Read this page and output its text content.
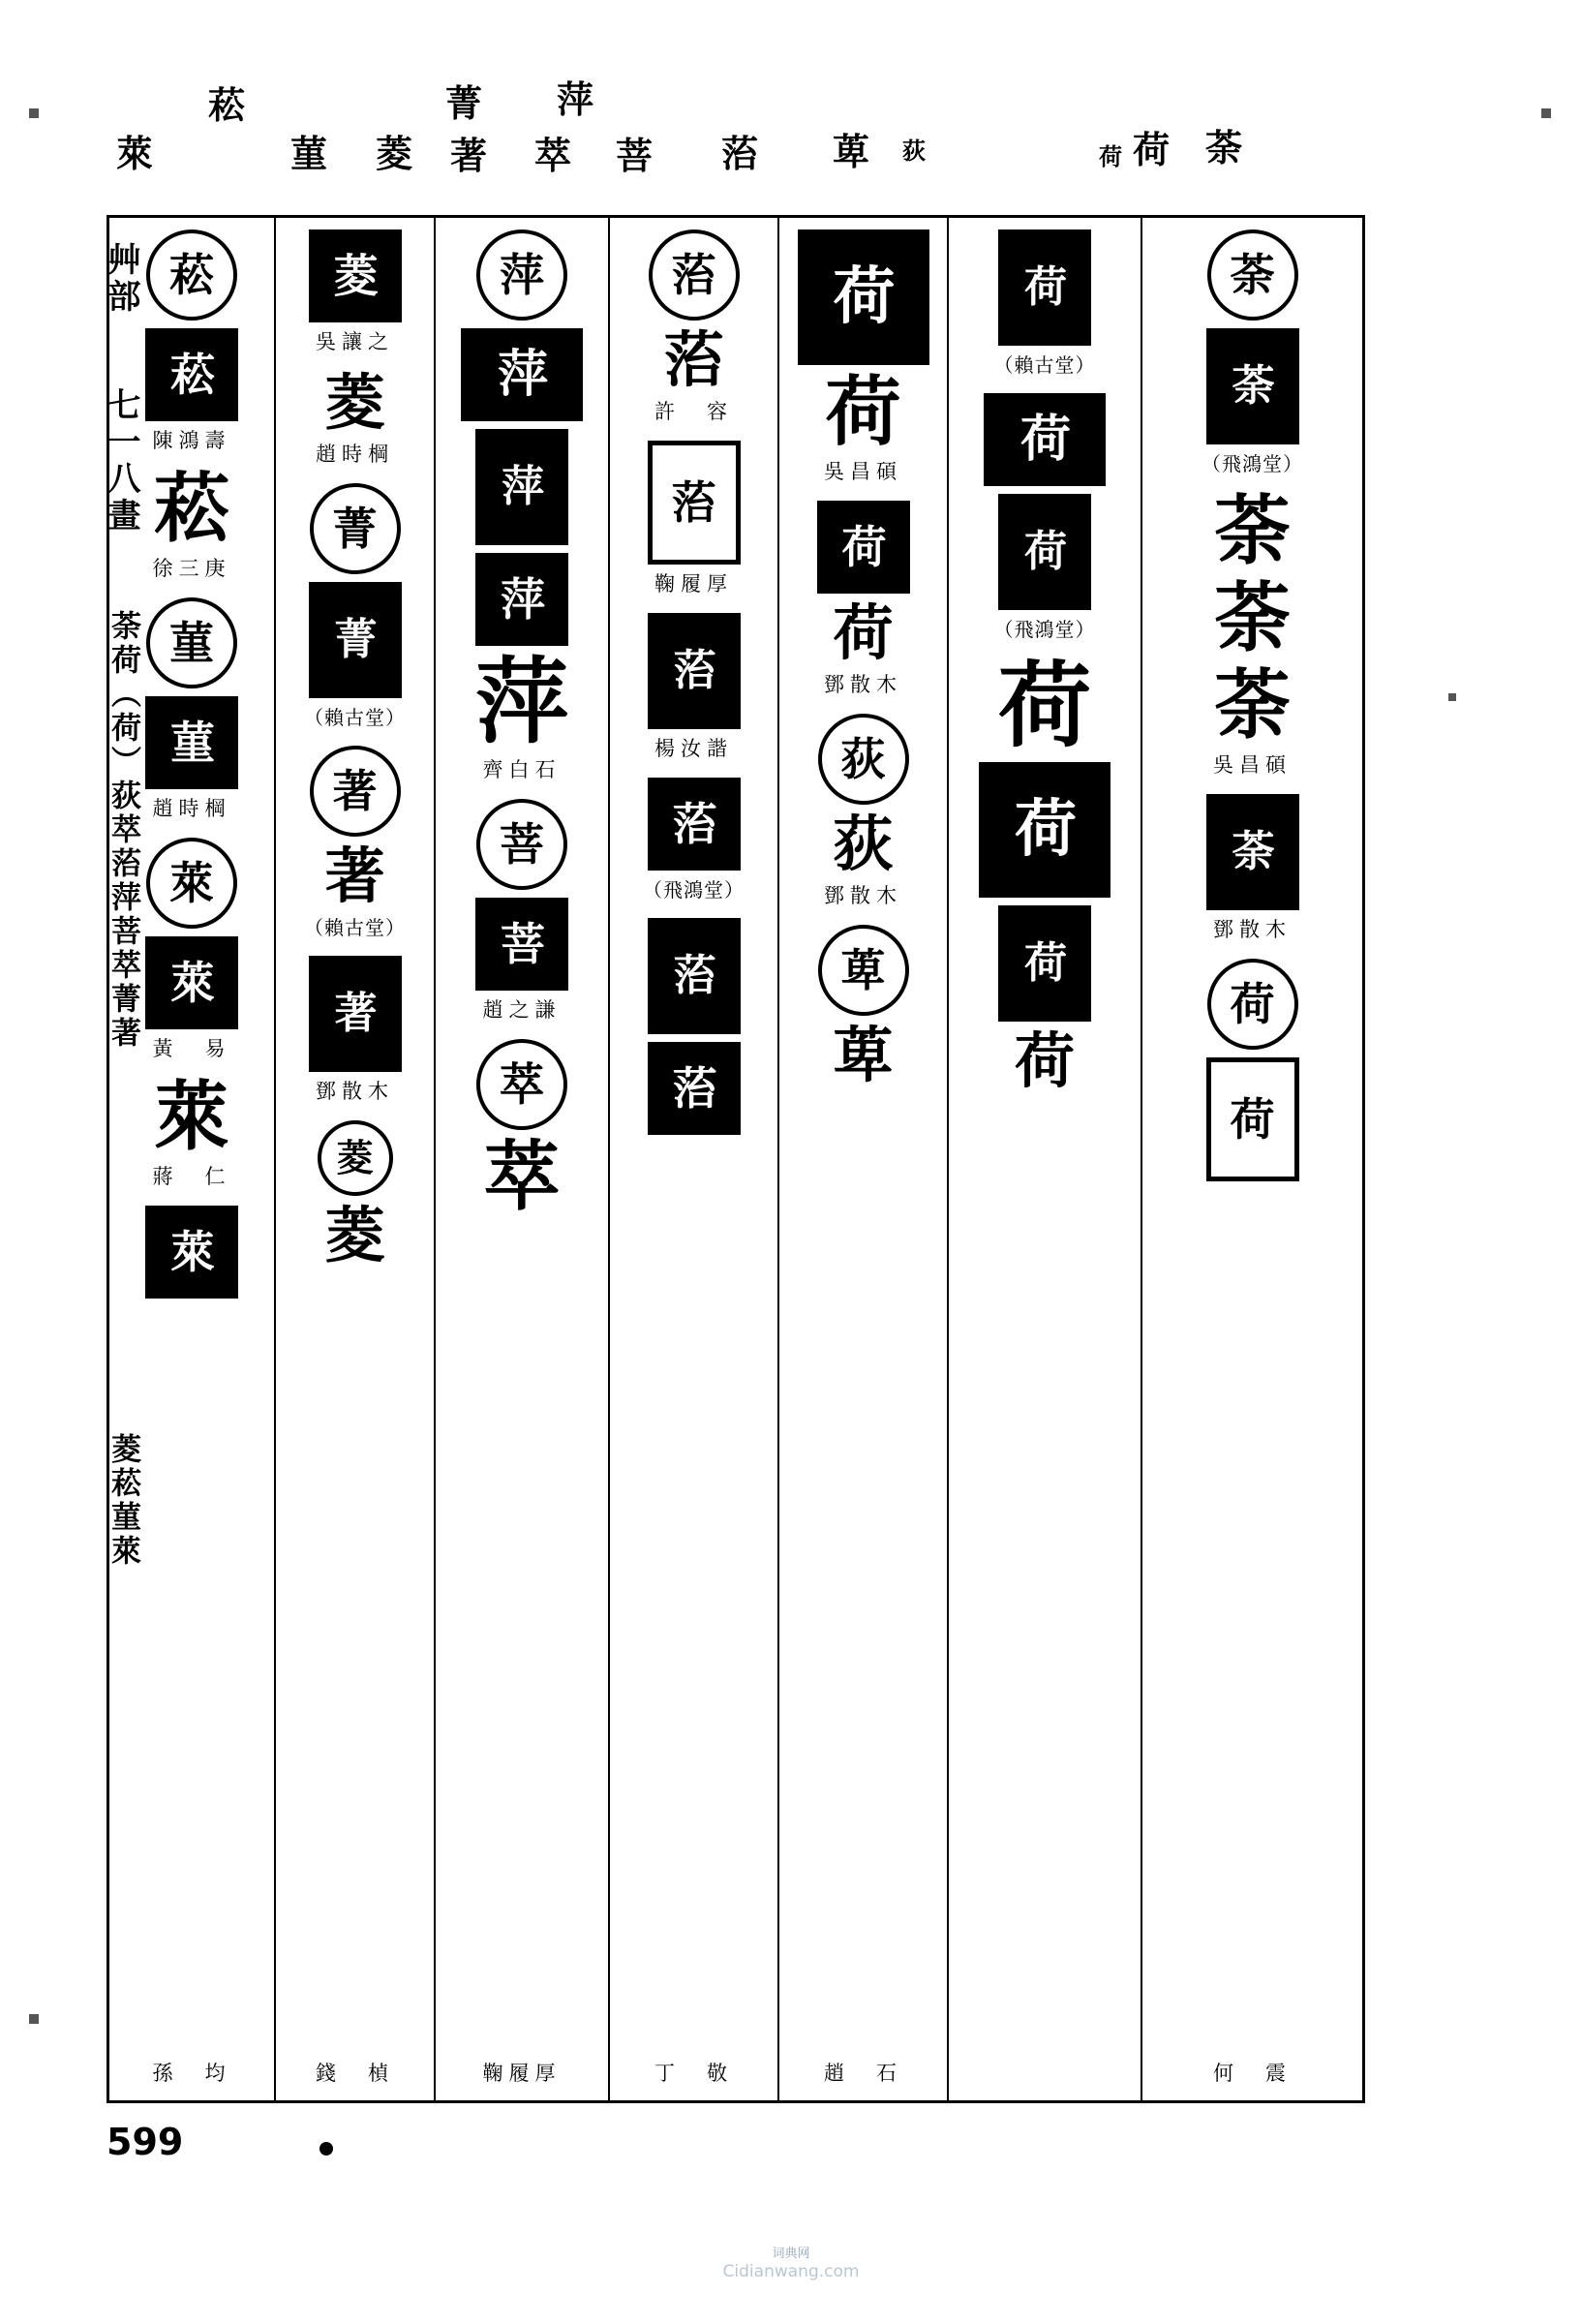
萊
菘
菫 菱
菁
著 萃
萍
菩 菭 萆 荻	荷 荷 荼
艸部
七一八畫
荼荷（荷）荻萃菭萍菩萃菁著
菱菘菫萊
菘
菘
陳鴻壽
菘
徐三庚
菫
菫
趙時棡
萊
萊
黃　易
萊
蔣　仁
萊
孫　均
菱
吳讓之
菱
趙時棡
菁
菁
（賴古堂）
著
著
（賴古堂）
著
鄧散木
菱
菱
錢　楨
萍
萍
萍
萍
萍
齊白石
菩
菩
趙之謙
萃
萃
鞠履厚
菭
菭
許　容
菭
鞠履厚
菭
楊汝諧
菭
（飛鴻堂）
菭
菭
丁　敬
荷
荷
吳昌碩
荷
荷
鄧散木
荻
荻
鄧散木
萆
萆
趙　石
荷
（賴古堂）
荷
荷
（飛鴻堂）
荷
荷
荷
荷
荼
荼
（飛鴻堂）
荼
荼
荼
吳昌碩
荼
鄧散木
荷
荷
何　震
599
词典网
Cidianwang.com
